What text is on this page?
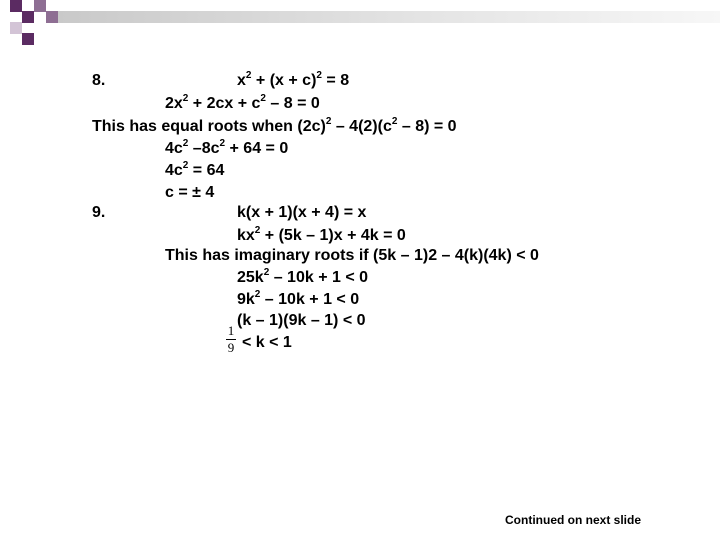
8.	$x^2 + (x + c)^2 = 8$
$2x^2 + 2cx + c^2 - 8 = 0$
This has equal roots when $(2c)^2 - 4(2)(c^2 - 8) = 0$
$4c^2$ $-8c^2 + 64 = 0$
$4c^2 = 64$
c = ± 4
9.	k(x + 1)(x + 4) = x
$kx^2 + (5k - 1)x + 4k = 0$
This has imaginary roots if (5k – 1)2 – 4(k)(4k) < 0
$25k^2 - 10k + 1 < 0$
$9k^2 - 10k + 1 < 0$
(k – 1)(9k – 1) < 0
1
9 < k < 1
Continued on next slide
